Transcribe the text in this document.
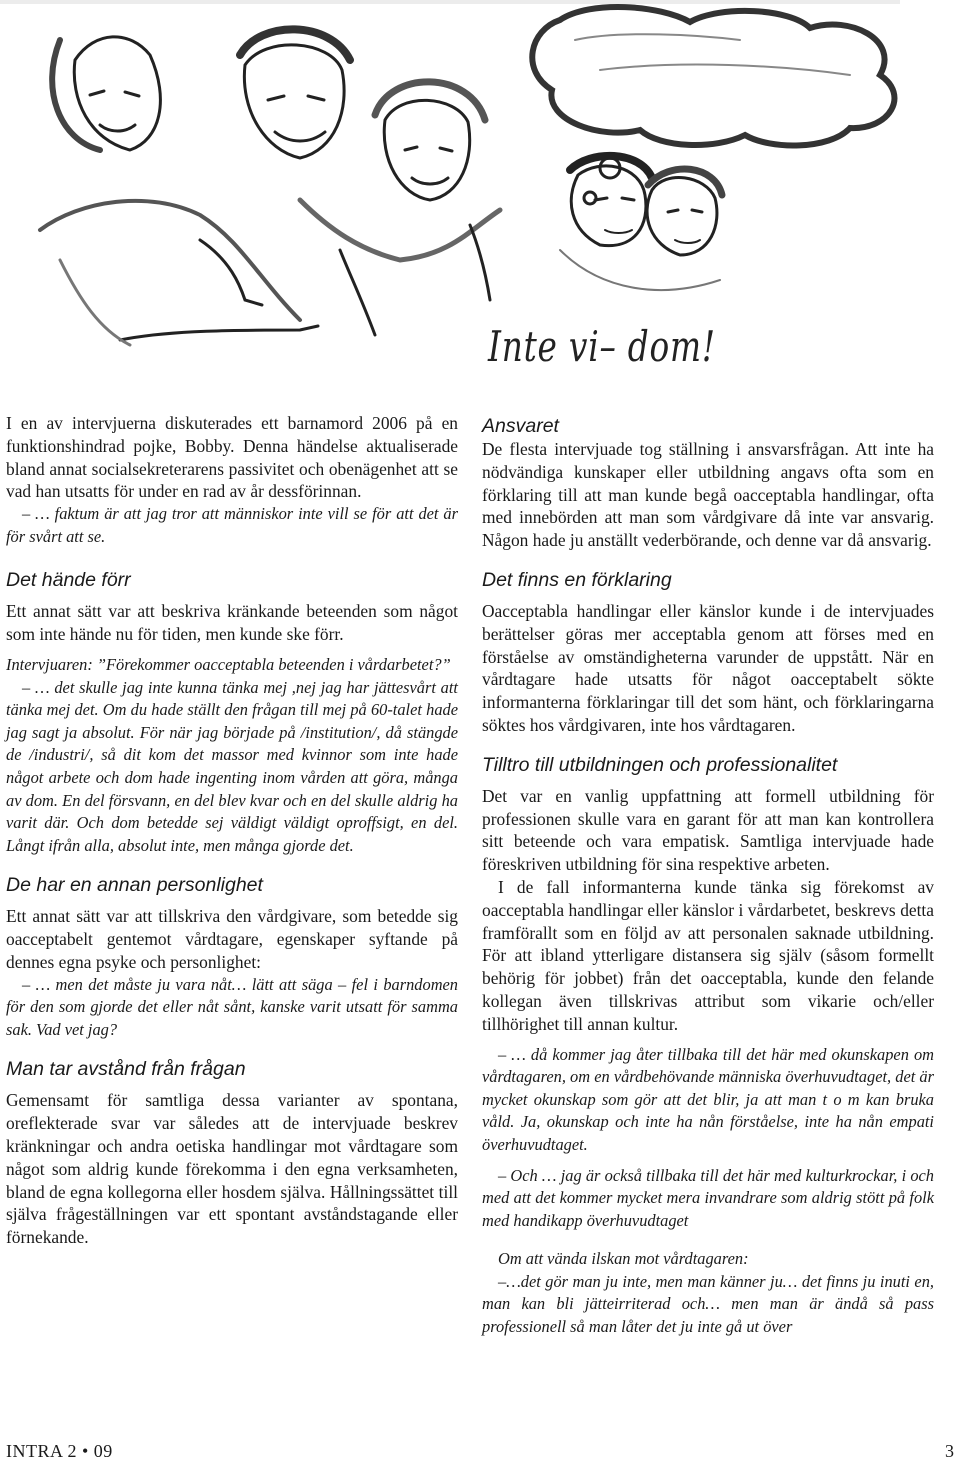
Inte vi– dom!

I en av intervjuerna diskuterades ett barnamord 2006 på en funktionshindrad pojke, Bobby. Denna händelse aktualiserade bland annat socialsekreterarens passivitet och obenägenhet att se vad han utsatts för under en rad av år dessförinnan.

– … faktum är att jag tror att människor inte vill se för att det är för svårt att se.

Det hände förr

Ett annat sätt var att beskriva kränkande beteenden som något som inte hände nu för tiden, men kunde ske förr.

Intervjuaren: ”Förekommer oacceptabla beteenden i vårdarbetet?”

– … det skulle jag inte kunna tänka mej ,nej jag har jättesvårt att tänka mej det. Om du hade ställt den frågan till mej på 60-talet hade jag sagt ja absolut. För när jag började på /institution/, då stängde de /industri/, så dit kom det massor med kvinnor som inte hade något arbete och dom hade ingenting inom vården att göra, många av dom. En del försvann, en del blev kvar och en del skulle aldrig ha varit där. Och dom betedde sej väldigt väldigt oproffsigt, en del. Långt ifrån alla, absolut inte, men många gjorde det.

De har en annan personlighet

Ett annat sätt var att tillskriva den vårdgivare, som betedde sig oacceptabelt gentemot vårdtagare, egenskaper syftande på dennes egna psyke och personlighet:

– … men det måste ju vara nåt… lätt att säga – fel i barndomen för den som gjorde det eller nåt sånt, kanske varit utsatt för samma sak. Vad vet jag?

Man tar avstånd från frågan

Gemensamt för samtliga dessa varianter av spontana, oreflekterade svar var således att de intervjuade beskrev kränkningar och andra oetiska handlingar mot vårdtagare som något som aldrig kunde förekomma i den egna verksamheten, bland de egna kollegorna eller hosdem själva. Hållningssättet till själva frågeställningen var ett spontant avståndstagande eller förnekande.

Ansvaret

De flesta intervjuade tog ställning i ansvarsfrågan. Att inte ha nödvändiga kunskaper eller utbildning angavs ofta som en förklaring till att man kunde begå oacceptabla handlingar, ofta med innebörden att man som vårdgivare då inte var ansvarig. Någon hade ju anställt vederbörande, och denne var då ansvarig.

Det finns en förklaring

Oacceptabla handlingar eller känslor kunde i de intervjuades berättelser göras mer acceptabla genom att förses med en förståelse av omständigheterna varunder de uppstått. När en vårdtagare hade utsatts för något oacceptabelt sökte informanterna förklaringar till det som hänt, och förklaringarna söktes hos vårdgivaren, inte hos vårdtagaren.

Tilltro till utbildningen och professionalitet

Det var en vanlig uppfattning att formell utbildning för professionen skulle vara en garant för att man kan kontrollera sitt beteende och vara empatisk. Samtliga intervjuade hade föreskriven utbildning för sina respektive arbeten.

I de fall informanterna kunde tänka sig förekomst av oacceptabla handlingar eller känslor i vårdarbetet, beskrevs detta framförallt som en följd av att personalen saknade utbildning. För att ibland ytterligare distansera sig själv (såsom formellt behörig för jobbet) från det oacceptabla, kunde den felande kollegan även tillskrivas attribut som vikarie och/eller tillhörighet till annan kultur.

– … då kommer jag åter tillbaka till det här med okunskapen om vårdtagaren, om en vårdbehövande människa överhuvudtaget, det är mycket okunskap som gör att det blir, ja att man t o m kan bruka våld. Ja, okunskap och inte ha nån förståelse, inte ha nån empati överhuvudtaget.

– Och … jag är också tillbaka till det här med kulturkrockar, i och med att det kommer mycket mera invandrare som aldrig stött på folk med handikapp överhuvudtaget

Om att vända ilskan mot vårdtagaren:

–…det gör man ju inte, men man känner ju… det finns ju inuti en, man kan bli jätteirriterad och… men man är ändå så pass professionell så man låter det ju inte gå ut över

INTRA 2 • 09	3
